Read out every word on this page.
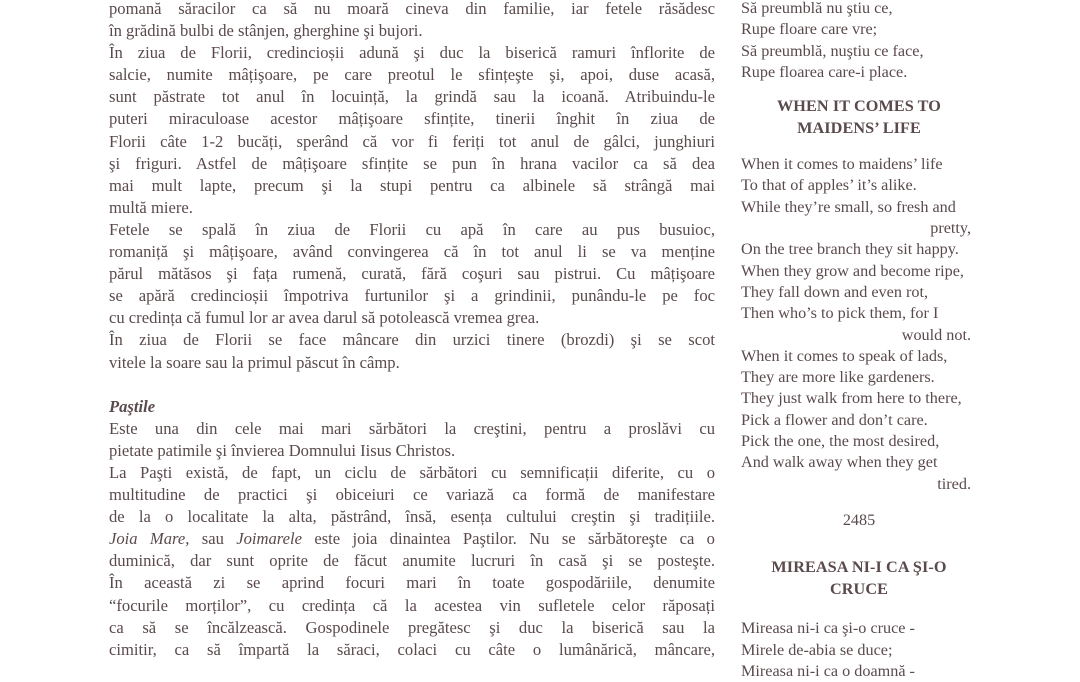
pomană săracilor ca să nu moară cineva din familie, iar fetele răsădesc
în grădină bulbi de stânjen, gherghine şi bujori.
În ziua de Florii, credincioșii adună şi duc la biserică ramuri înflorite de
salcie, numite mâțişoare, pe care preotul le sfințeşte şi, apoi, duse acasă,
sunt păstrate tot anul în locuință, la grindă sau la icoană. Atribuindu-le
puteri miraculoase acestor mâțişoare sfințite, tinerii înghit în ziua de
Florii câte 1-2 bucăți, sperând că vor fi feriți tot anul de gâlci, junghiuri
şi friguri. Astfel de mâțişoare sfințite se pun în hrana vacilor ca să dea
mai mult lapte, precum şi la stupi pentru ca albinele să strângă mai
multă miere.
Fetele se spală în ziua de Florii cu apă în care au pus busuioc,
romaniță şi mâțişoare, având convingerea că în tot anul li se va menține
părul mătăsos şi fața rumenă, curată, fără coşuri sau pistrui. Cu mâțişoare
se apără credincioșii împotriva furtunilor şi a grindinii, punându-le pe foc
cu credința că fumul lor ar avea darul să potolească vremea grea.
În ziua de Florii se face mâncare din urzici tinere (brozdi) şi se scot
vitele la soare sau la primul păscut în câmp.
Paştile
Este una din cele mai mari sărbători la creştini, pentru a proslăvi cu
pietate patimile şi învierea Domnului Iisus Christos.
La Paşti există, de fapt, un ciclu de sărbători cu semnificații diferite, cu o
multitudine de practici şi obiceiuri ce variază ca formă de manifestare
de la o localitate la alta, păstrând, însă, esența cultului creştin şi tradițiile.
Joia Mare, sau Joimarele este joia dinaintea Paştilor. Nu se sărbătoreşte ca o
duminică, dar sunt oprite de făcut anumite lucruri în casă şi se posteşte.
În această zi se aprind focuri mari în toate gospodăriile, denumite
“focurile morților”, cu credința că la acestea vin sufletele celor răposați
ca să se încălzească. Gospodinele pregătesc şi duc la biserică sau la
cimitir, ca să împartă la săraci, colaci cu câte o lumânărică, mâncare,
Să preumblă nu ştiu ce,
Rupe floare care vre;
Să preumblă, nuştiu ce face,
Rupe floarea care-i place.
WHEN IT COMES TO
MAIDENS’ LIFE
When it comes to maidens’ life
To that of apples’ it’s alike.
While they’re small, so fresh and
pretty,
On the tree branch they sit happy.
When they grow and become ripe,
They fall down and even rot,
Then who’s to pick them, for I
would not.
When it comes to speak of lads,
They are more like gardeners.
They just walk from here to there,
Pick a flower and don’t care.
Pick the one, the most desired,
And walk away when they get
tired.
2485
MIREASA NI-I CA ŞI-O
CRUCE
Mireasa ni-i ca şi-o cruce -
Mirele de-abia se duce;
Mireasa ni-i ca o doamnă -
